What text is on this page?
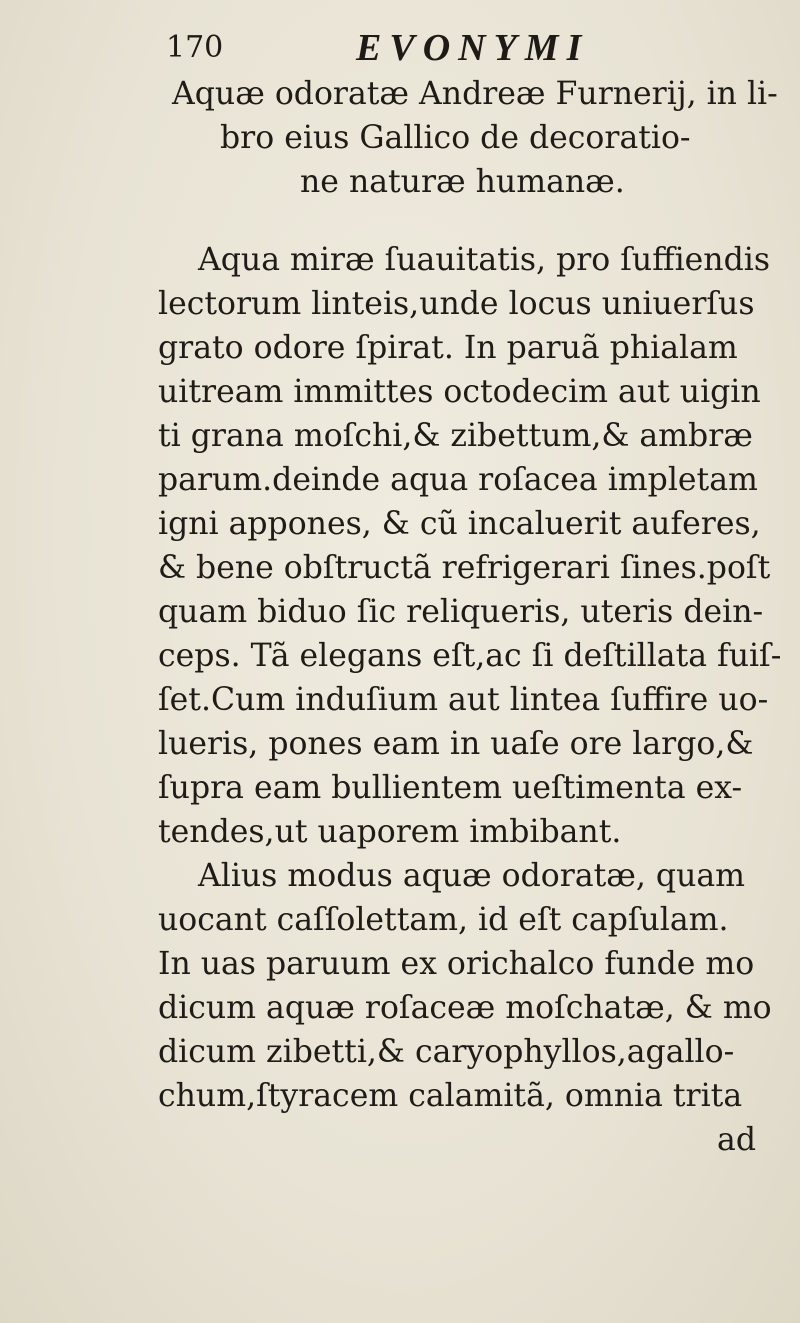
170	EVONYMI
Aquæ odoratæ Andreæ Furnerij, in li-
bro eius Gallico de decoratio-
ne naturæ humanæ.
Aqua miræ ſuauitatis, pro ſuffiendis
lectorum linteis,unde locus uniuerſus
grato odore ſpirat. In paruã phialam
uitream immittes octodecim aut uigin
ti grana moſchi,& zibettum,& ambræ
parum.deinde aqua roſacea impletam
igni appones, & cũ incaluerit auferes,
& bene obſtructã refrigerari ſines.poſt
quam biduo ſic reliqueris, uteris dein-
ceps. Tã elegans eſt,ac ſi deſtillata fuiſ-
ſet.Cum induſium aut lintea ſuffire uo-
lueris, pones eam in uaſe ore largo,&
ſupra eam bullientem ueſtimenta ex-
tendes,ut uaporem imbibant.
Alius modus aquæ odoratæ, quam
uocant caſſolettam, id eſt capſulam.
In uas paruum ex orichalco funde mo
dicum aquæ roſaceæ moſchatæ, & mo
dicum zibetti,& caryophyllos,agallo-
chum,ſtyracem calamitã, omnia trita
ad
